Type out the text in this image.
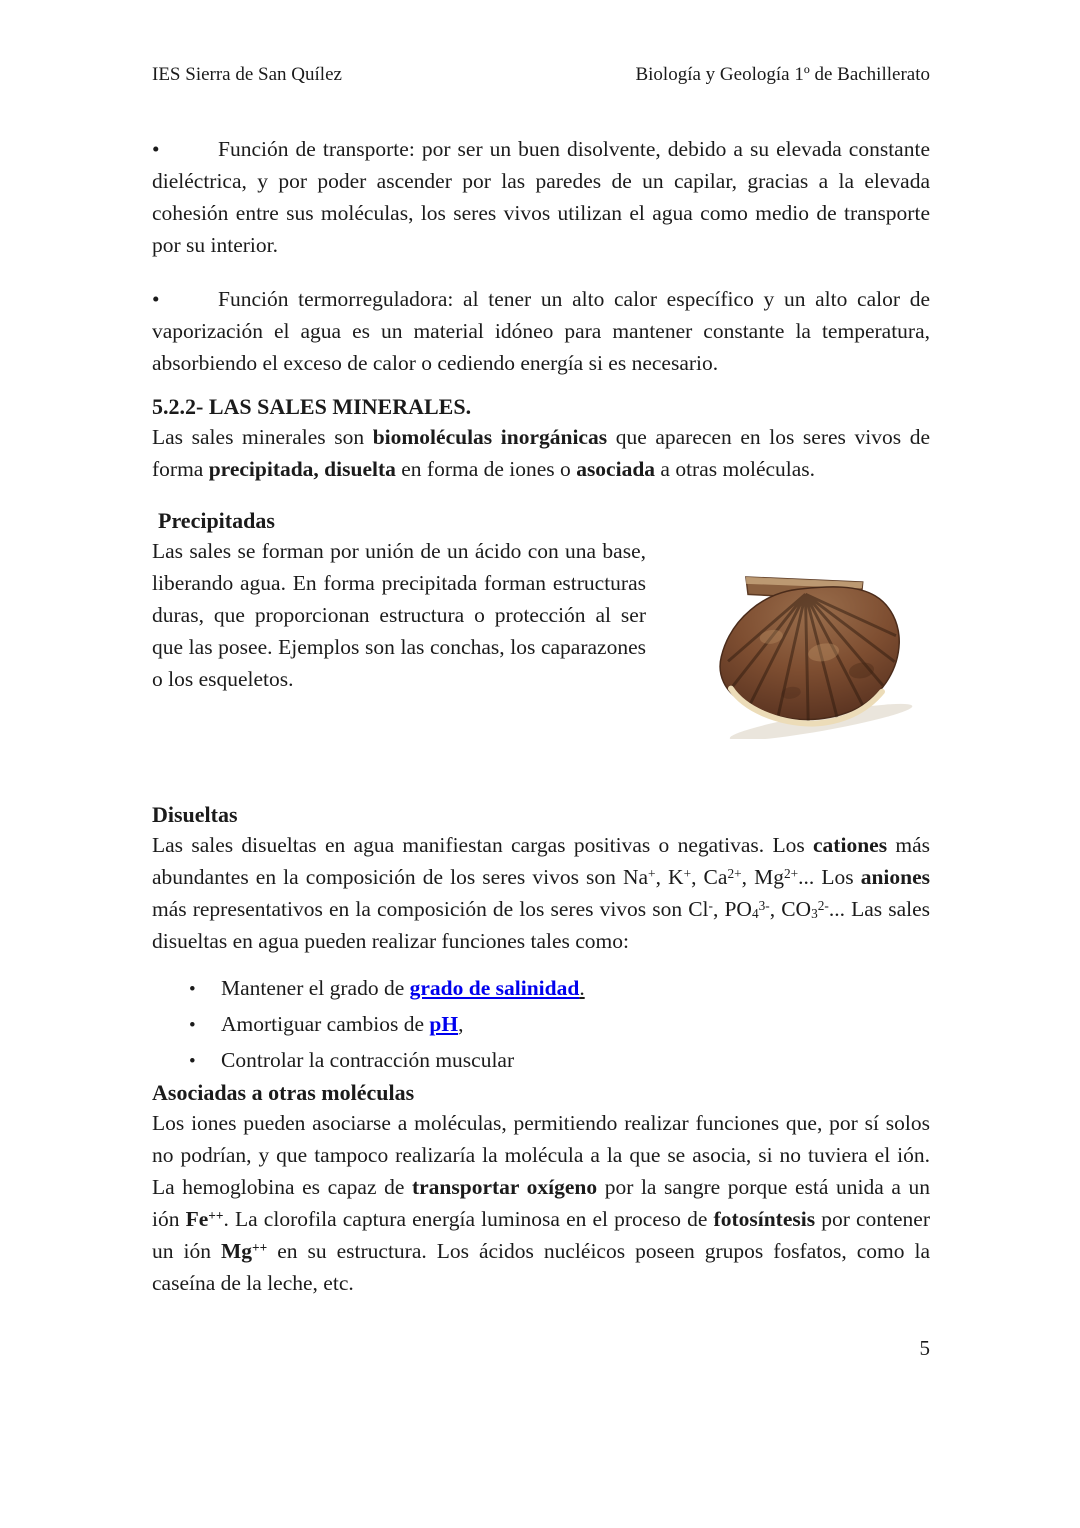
IES Sierra de San Quílez	Biología y Geología 1º de Bachillerato

•	Función de transporte: por ser un buen disolvente, debido a su elevada constante dieléctrica, y por poder ascender por las paredes de un capilar, gracias a la elevada cohesión entre sus moléculas, los seres vivos utilizan el agua como medio de transporte por su interior.

•	Función termorreguladora: al tener un alto calor específico y un alto calor de vaporización el agua es un material idóneo para mantener constante la temperatura, absorbiendo el exceso de calor o cediendo energía si es necesario.

5.2.2- LAS SALES MINERALES.

Las sales minerales son biomoléculas inorgánicas que aparecen en los seres vivos de forma precipitada, disuelta en forma de iones o asociada a otras moléculas.

Precipitadas

Las sales se forman por unión de un ácido con una base, liberando agua. En forma precipitada forman estructuras duras, que proporcionan estructura o protección al ser que las posee. Ejemplos son las conchas, los caparazones o los esqueletos.

Disueltas

Las sales disueltas en agua manifiestan cargas positivas o negativas. Los cationes más abundantes en la composición de los seres vivos son Na+, K+, $Ca^{2+}$, $Mg^{2+}$... Los aniones más representativos en la composición de los seres vivos son Cl-, $PO_4^{3-}$, $CO_3^{2-}$... Las sales disueltas en agua pueden realizar funciones tales como:

• Mantener el grado de grado de salinidad.
• Amortiguar cambios de pH,
• Controlar la contracción muscular
Asociadas a otras moléculas

Los iones pueden asociarse a moléculas, permitiendo realizar funciones que, por sí solos no podrían, y que tampoco realizaría la molécula a la que se asocia, si no tuviera el ión. La hemoglobina es capaz de transportar oxígeno por la sangre porque está unida a un ión Fe++. La clorofila captura energía luminosa en el proceso de fotosíntesis por contener un ión Mg++ en su estructura. Los ácidos nucléicos poseen grupos fosfatos, como la caseína de la leche, etc.

5
